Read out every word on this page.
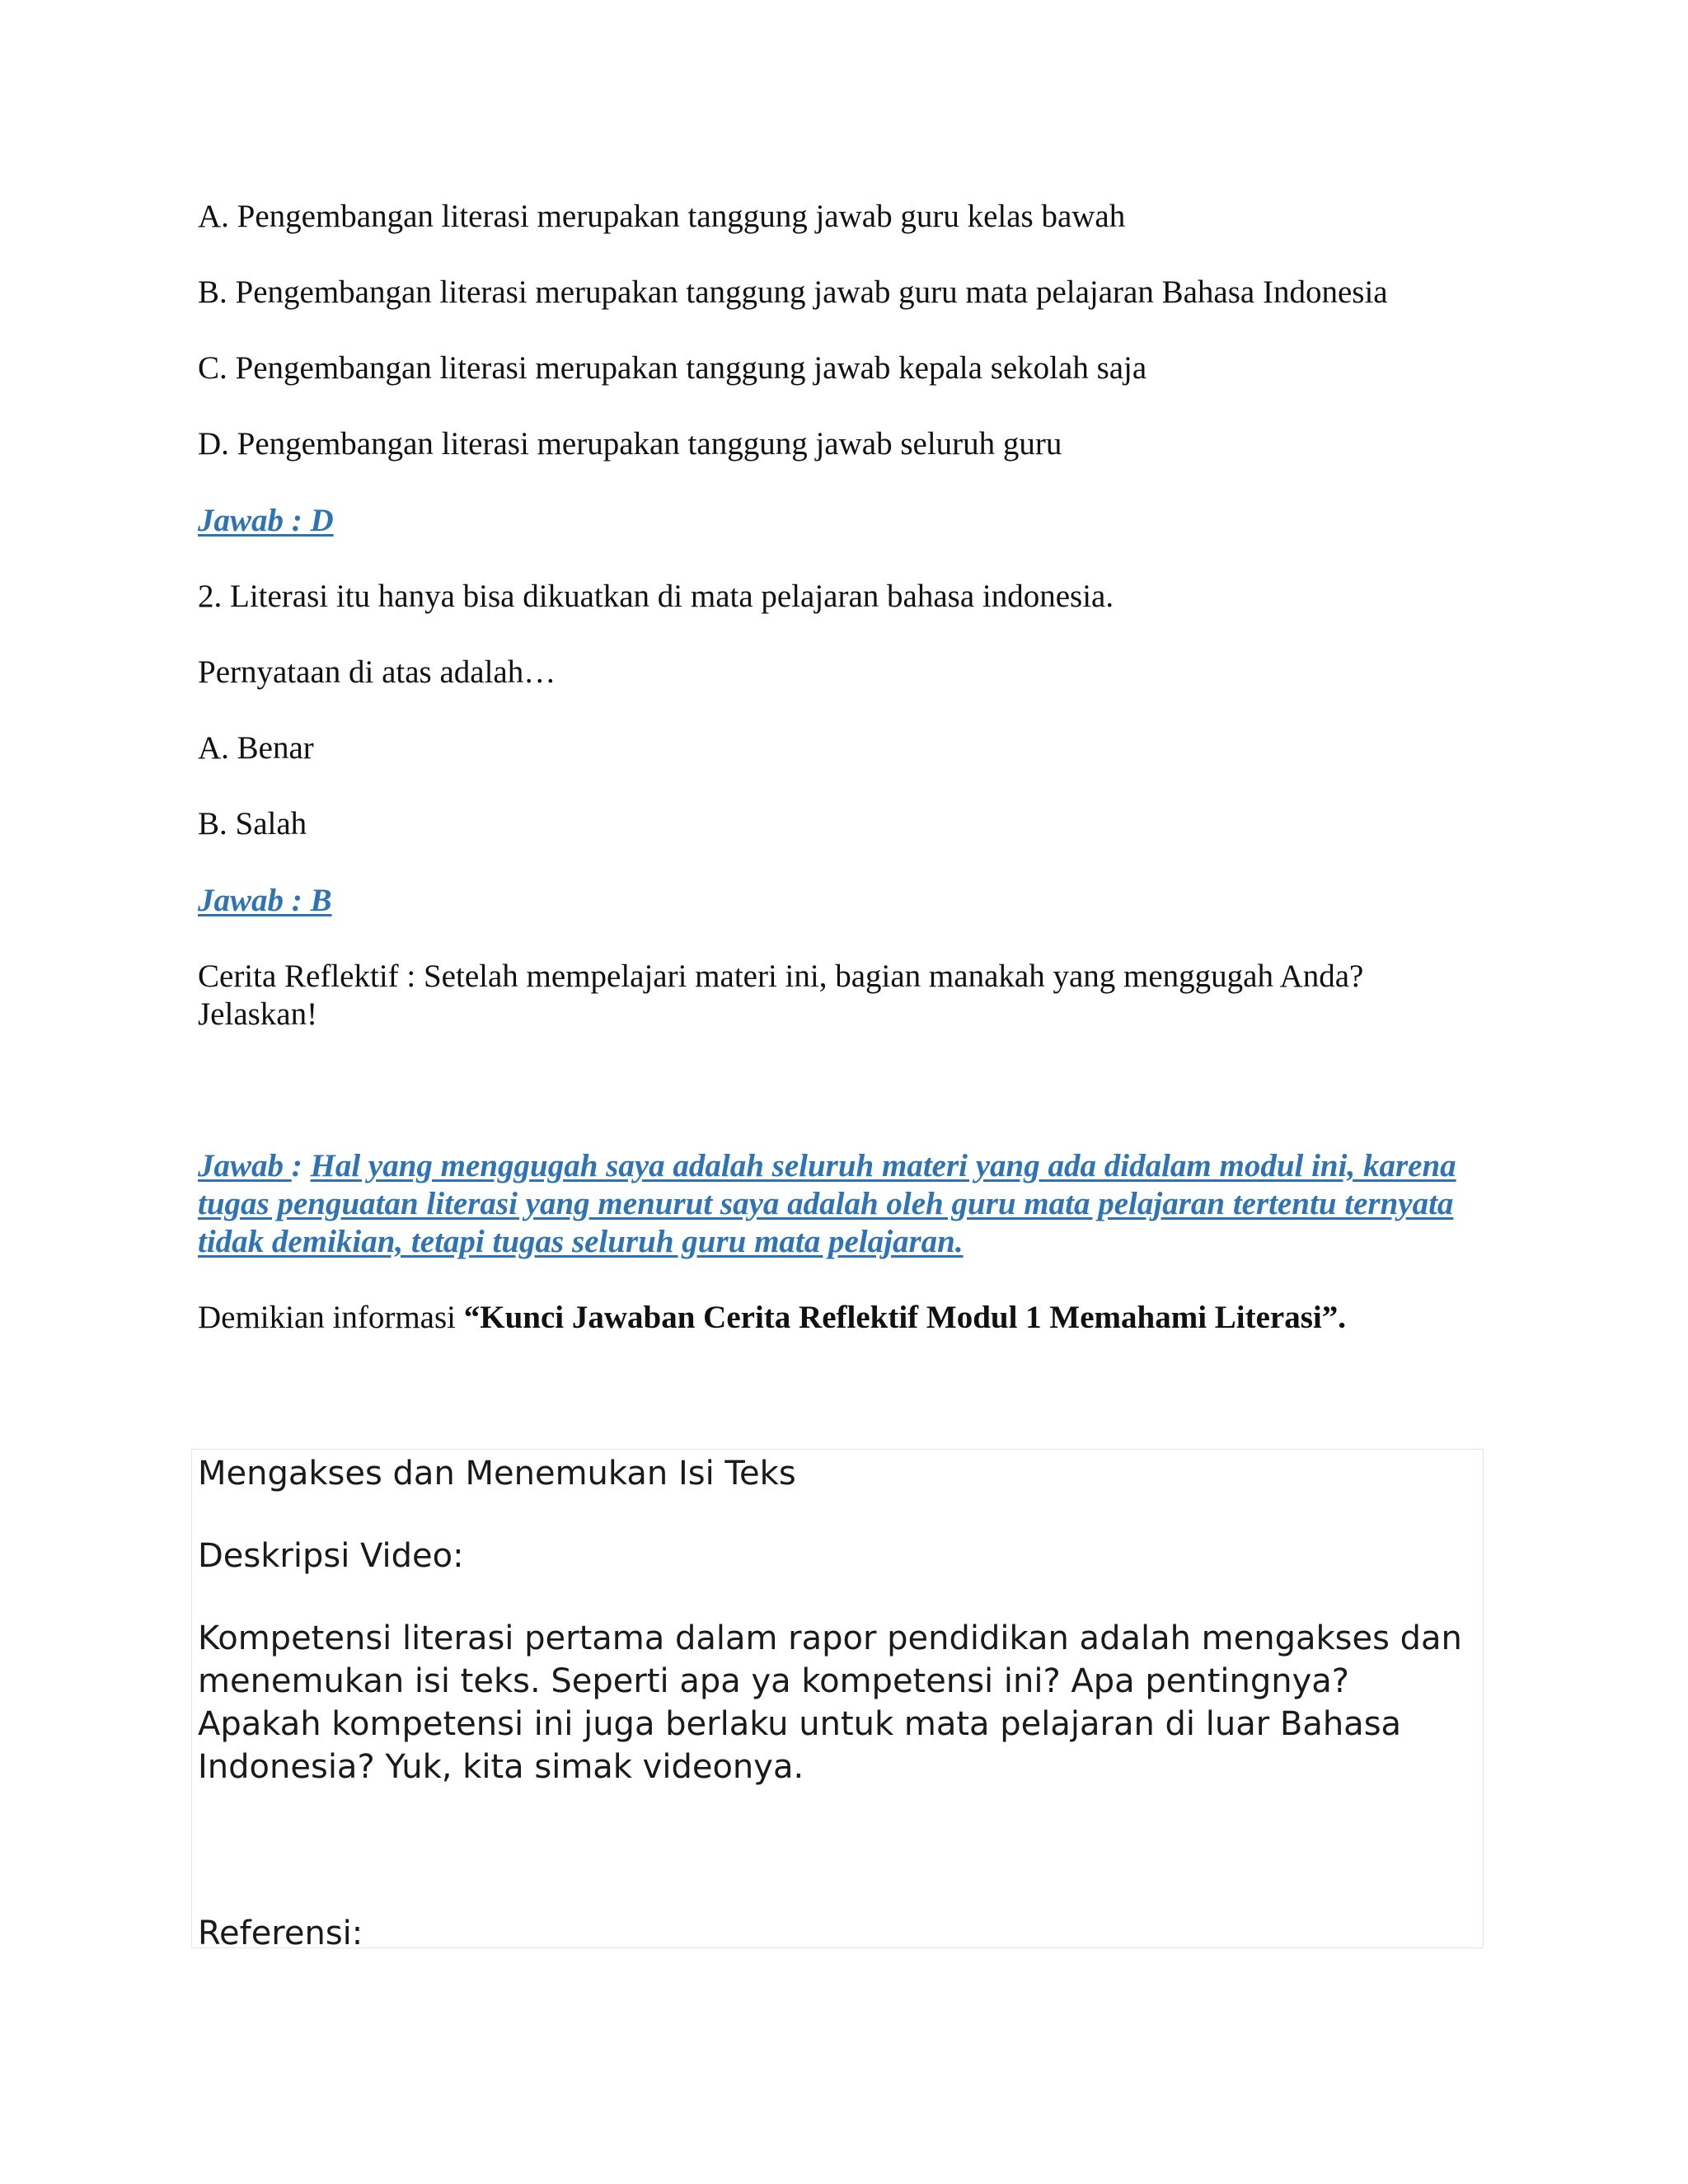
A. Pengembangan literasi merupakan tanggung jawab guru kelas bawah

B. Pengembangan literasi merupakan tanggung jawab guru mata pelajaran Bahasa Indonesia

C. Pengembangan literasi merupakan tanggung jawab kepala sekolah saja

D. Pengembangan literasi merupakan tanggung jawab seluruh guru

Jawab : D

2. Literasi itu hanya bisa dikuatkan di mata pelajaran bahasa indonesia.

Pernyataan di atas adalah…

A. Benar

B. Salah

Jawab : B

Cerita Reflektif : Setelah mempelajari materi ini, bagian manakah yang menggugah Anda? Jelaskan!

Jawab : Hal yang menggugah saya adalah seluruh materi yang ada didalam modul ini, karena tugas penguatan literasi yang menurut saya adalah oleh guru mata pelajaran tertentu ternyata tidak demikian, tetapi tugas seluruh guru mata pelajaran.

Demikian informasi “Kunci Jawaban Cerita Reflektif Modul 1 Memahami Literasi”.

Mengakses dan Menemukan Isi Teks

Deskripsi Video:

Kompetensi literasi pertama dalam rapor pendidikan adalah mengakses dan menemukan isi teks. Seperti apa ya kompetensi ini? Apa pentingnya? Apakah kompetensi ini juga berlaku untuk mata pelajaran di luar Bahasa Indonesia? Yuk, kita simak videonya.

Referensi:
